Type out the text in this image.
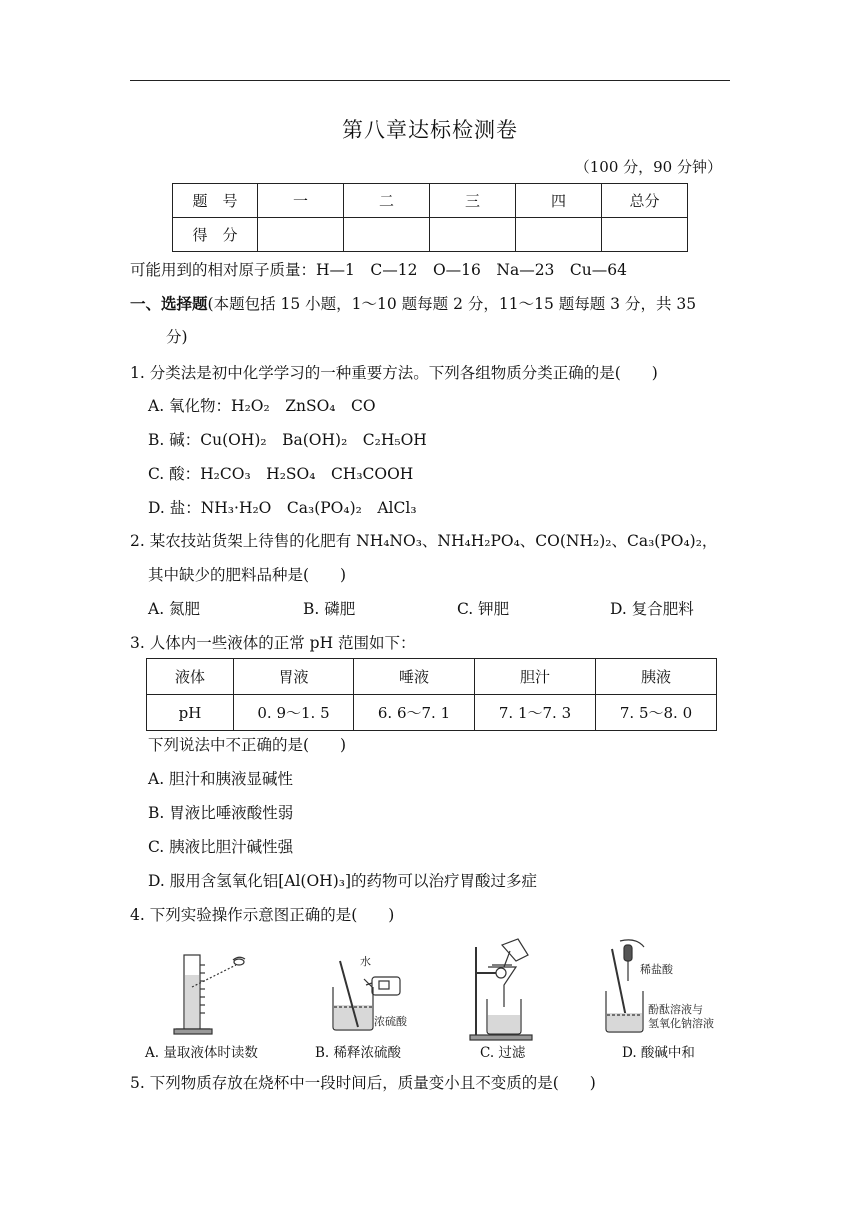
第八章达标检测卷
（100 分，90 分钟）
题　号	一	二	三	四	总分
得　分					
可能用到的相对原子质量：H—1　C—12　O—16　Na—23　Cu—64
一、选择题(本题包括 15 小题，1～10 题每题 2 分，11～15 题每题 3 分，共 35
分)
1. 分类法是初中化学学习的一种重要方法。下列各组物质分类正确的是(　　)
A. 氧化物：H₂O₂　ZnSO₄　CO
B. 碱：Cu(OH)₂　Ba(OH)₂　C₂H₅OH
C. 酸：H₂CO₃　H₂SO₄　CH₃COOH
D. 盐：NH₃·H₂O　Ca₃(PO₄)₂　AlCl₃
2. 某农技站货架上待售的化肥有 NH₄NO₃、NH₄H₂PO₄、CO(NH₂)₂、Ca₃(PO₄)₂，
其中缺少的肥料品种是(　　)
A. 氮肥	B. 磷肥	C. 钾肥	D. 复合肥料
3. 人体内一些液体的正常 pH 范围如下：
液体	胃液	唾液	胆汁	胰液
pH	0. 9～1. 5	6. 6～7. 1	7. 1～7. 3	7. 5～8. 0
下列说法中不正确的是(　　)
A. 胆汁和胰液显碱性
B. 胃液比唾液酸性弱
C. 胰液比胆汁碱性强
D. 服用含氢氧化铝[Al(OH)₃]的药物可以治疗胃酸过多症
4. 下列实验操作示意图正确的是(　　)
水
浓硫酸
稀盐酸
酚酞溶液与
氢氧化钠溶液
A. 量取液体时读数	B. 稀释浓硫酸	C. 过滤	D. 酸碱中和
5. 下列物质存放在烧杯中一段时间后，质量变小且不变质的是(　　)
